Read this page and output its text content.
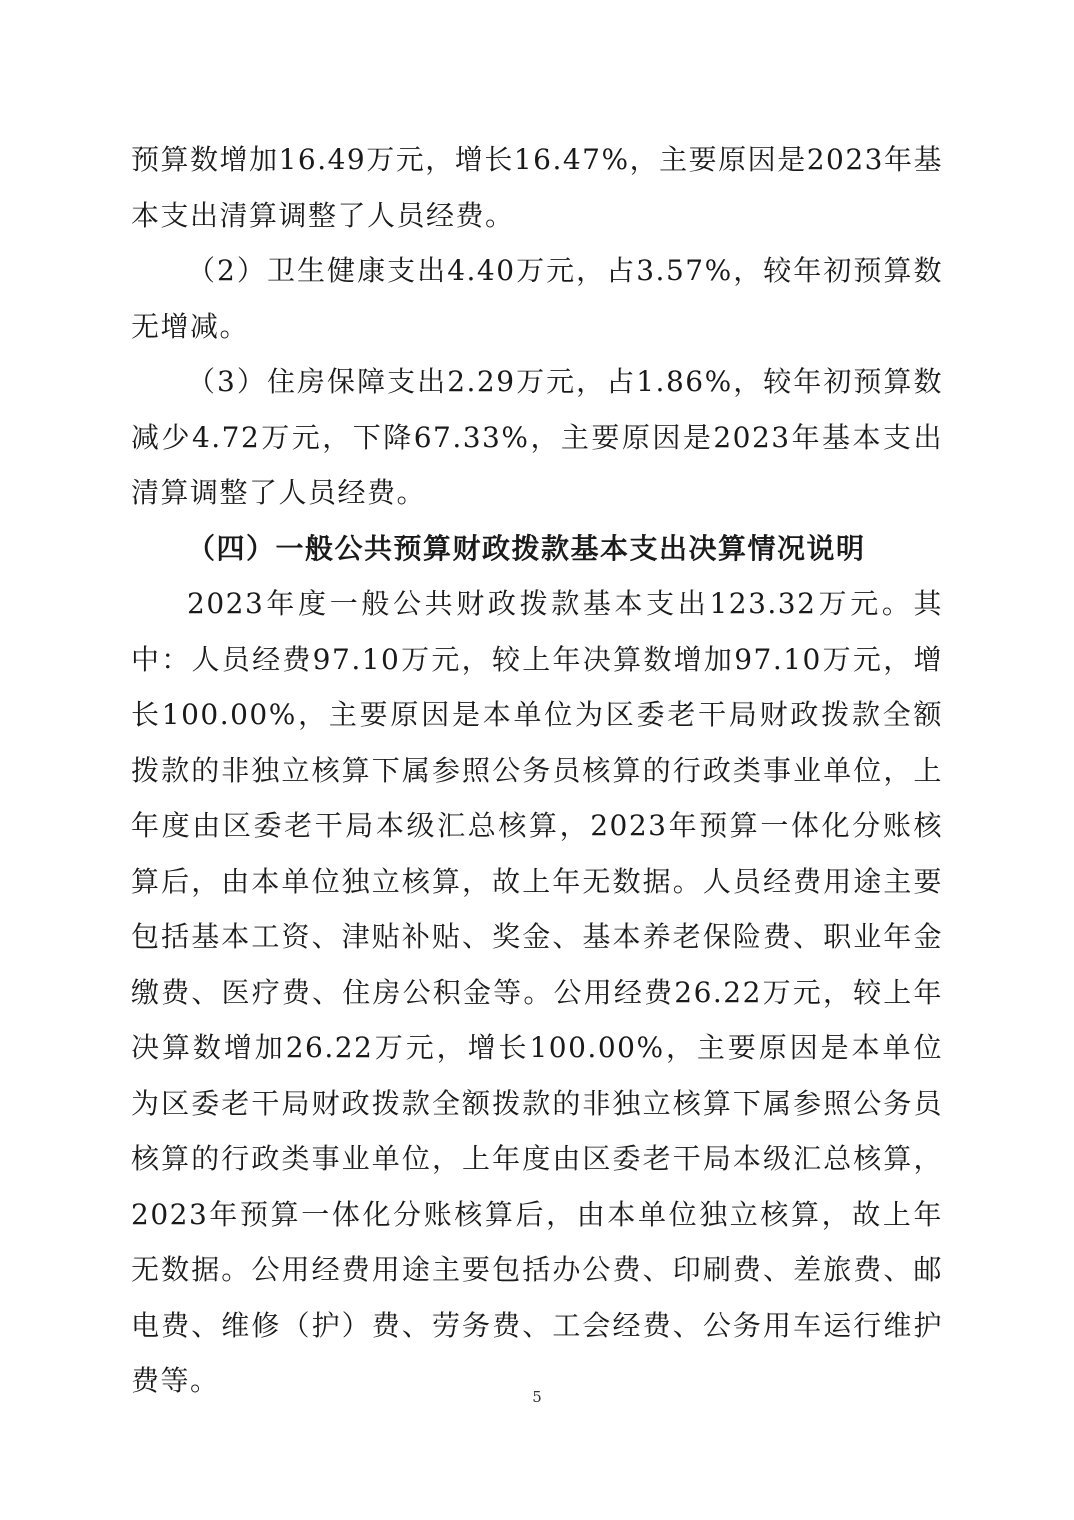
预算数增加16.49万元，增长16.47%，主要原因是2023年基本支出清算调整了人员经费。

（2）卫生健康支出4.40万元，占3.57%，较年初预算数无增减。

（3）住房保障支出2.29万元，占1.86%，较年初预算数减少4.72万元，下降67.33%，主要原因是2023年基本支出清算调整了人员经费。

（四）一般公共预算财政拨款基本支出决算情况说明

2023年度一般公共财政拨款基本支出123.32万元。其中：人员经费97.10万元，较上年决算数增加97.10万元，增长100.00%，主要原因是本单位为区委老干局财政拨款全额拨款的非独立核算下属参照公务员核算的行政类事业单位，上年度由区委老干局本级汇总核算，2023年预算一体化分账核算后，由本单位独立核算，故上年无数据。人员经费用途主要包括基本工资、津贴补贴、奖金、基本养老保险费、职业年金缴费、医疗费、住房公积金等。公用经费26.22万元，较上年决算数增加26.22万元，增长100.00%，主要原因是本单位为区委老干局财政拨款全额拨款的非独立核算下属参照公务员核算的行政类事业单位，上年度由区委老干局本级汇总核算，2023年预算一体化分账核算后，由本单位独立核算，故上年无数据。公用经费用途主要包括办公费、印刷费、差旅费、邮电费、维修（护）费、劳务费、工会经费、公务用车运行维护费等。	5
